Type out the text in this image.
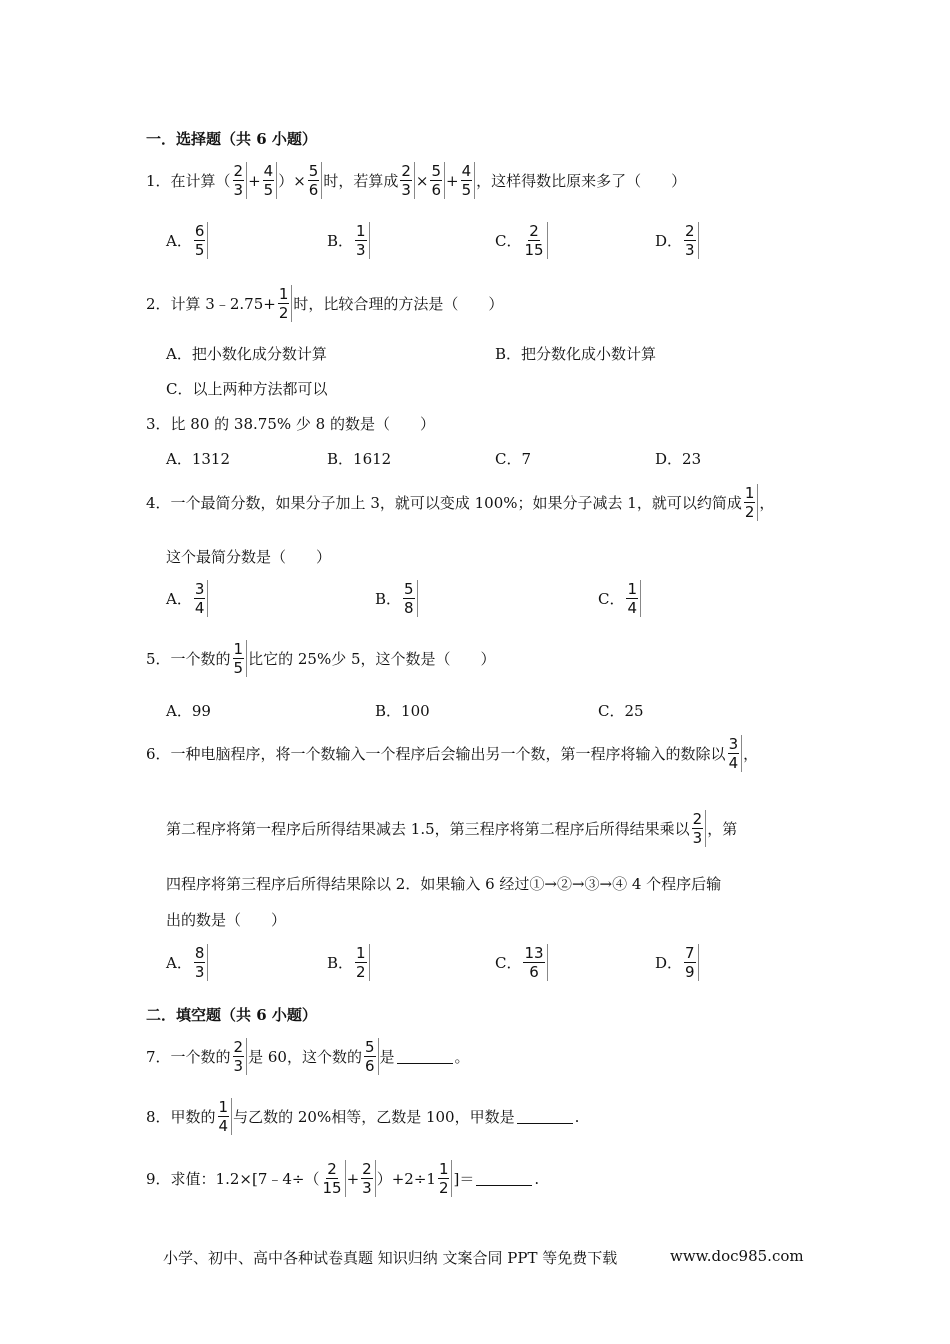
一．选择题（共 6 小题）
1．在计算（ $\frac{2}{3} + \frac{4}{5}$ ）× $\frac{5}{6}$ 时，若算成 $\frac{2}{3} \times \frac{5}{6} + \frac{4}{5}$ ，这样得数比原来多了（　　）
A． $\frac{6}{5}$	B． $\frac{1}{3}$	C． $\frac{2}{15}$	D． $\frac{2}{3}$
2．计算 3﹣2.75+ $\frac{1}{2}$ 时，比较合理的方法是（　　）
A．把小数化成分数计算	B．把分数化成小数计算
C．以上两种方法都可以
3．比 80 的 38.75% 少 8 的数是（　　）
A．1312	B．1612	C．7	D．23
4．一个最简分数，如果分子加上 3，就可以变成 100%；如果分子减去 1，就可以约简成 $\frac{1}{2}$ ，
这个最简分数是（　　）
A． $\frac{3}{4}$	B． $\frac{5}{8}$	C． $\frac{1}{4}$
5．一个数的 $\frac{1}{5}$ 比它的 25%少 5，这个数是（　　）
A．99	B．100	C．25
6．一种电脑程序，将一个数输入一个程序后会输出另一个数，第一程序将输入的数除以 $\frac{3}{4}$ ，
第二程序将第一程序后所得结果减去 1.5，第三程序将第二程序后所得结果乘以 $\frac{2}{3}$ ，第
四程序将第三程序后所得结果除以 2．如果输入 6 经过①→②→③→④ 4 个程序后输
出的数是（　　）
A． $\frac{8}{3}$	B． $\frac{1}{2}$	C． $\frac{13}{6}$	D． $\frac{7}{9}$
二．填空题（共 6 小题）
7．一个数的 $\frac{2}{3}$ 是 60，这个数的 $\frac{5}{6}$ 是	。
8．甲数的 $\frac{1}{4}$ 与乙数的 20%相等，乙数是 100，甲数是	.
9．求值：1.2×[7﹣4÷（ $\frac{2}{15} + \frac{2}{3} )+2\div 1 \frac{1}{2}$ ]＝	.
小学、初中、高中各种试卷真题 知识归纳 文案合同 PPT 等免费下载	www.doc985.com
